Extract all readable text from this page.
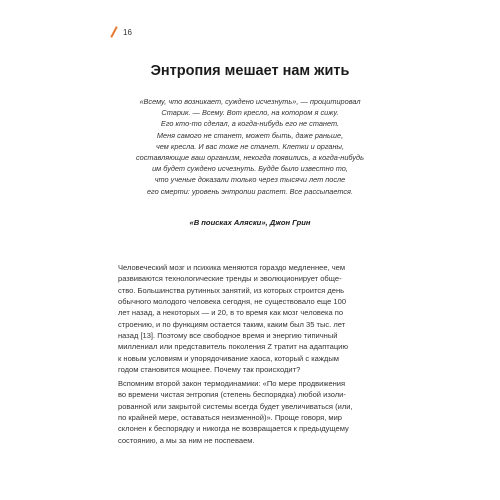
16
Энтропия мешает нам жить
«Всему, что возникает, суждено исчезнуть», — процитировал
Старик. — Всему. Вот кресло, на котором я сижу.
Его кто-то сделал, а когда-нибудь его не станет.
Меня самого не станет, может быть, даже раньше,
чем кресла. И вас тоже не станет. Клетки и органы,
составляющие ваш организм, некогда появились, а когда-нибудь
им будет суждено исчезнуть. Будде было известно то,
что ученые доказали только через тысячи лет после
его смерти: уровень энтропии растет. Все рассыпается.
«В поисках Аляски», Джон Грин
Человеческий мозг и психика меняются гораздо медленнее, чем
развиваются технологические тренды и эволюционирует обще-
ство. Большинства рутинных занятий, из которых строится день
обычного молодого человека сегодня, не существовало еще 100
лет назад, а некоторых — и 20, в то время как мозг человека по
строению, и по функциям остается таким, каким был 35 тыс. лет
назад [13]. Поэтому все свободное время и энергию типичный
миллениал или представитель поколения Z тратит на адаптацию
к новым условиям и упорядочивание хаоса, который с каждым
годом становится мощнее. Почему так происходит?
Вспомним второй закон термодинамики: «По мере продвижения
во времени чистая энтропия (степень беспорядка) любой изоли-
рованной или закрытой системы всегда будет увеличиваться (или,
по крайней мере, оставаться неизменной)». Проще говоря, мир
склонен к беспорядку и никогда не возвращается к предыдущему
состоянию, а мы за ним не поспеваем.
